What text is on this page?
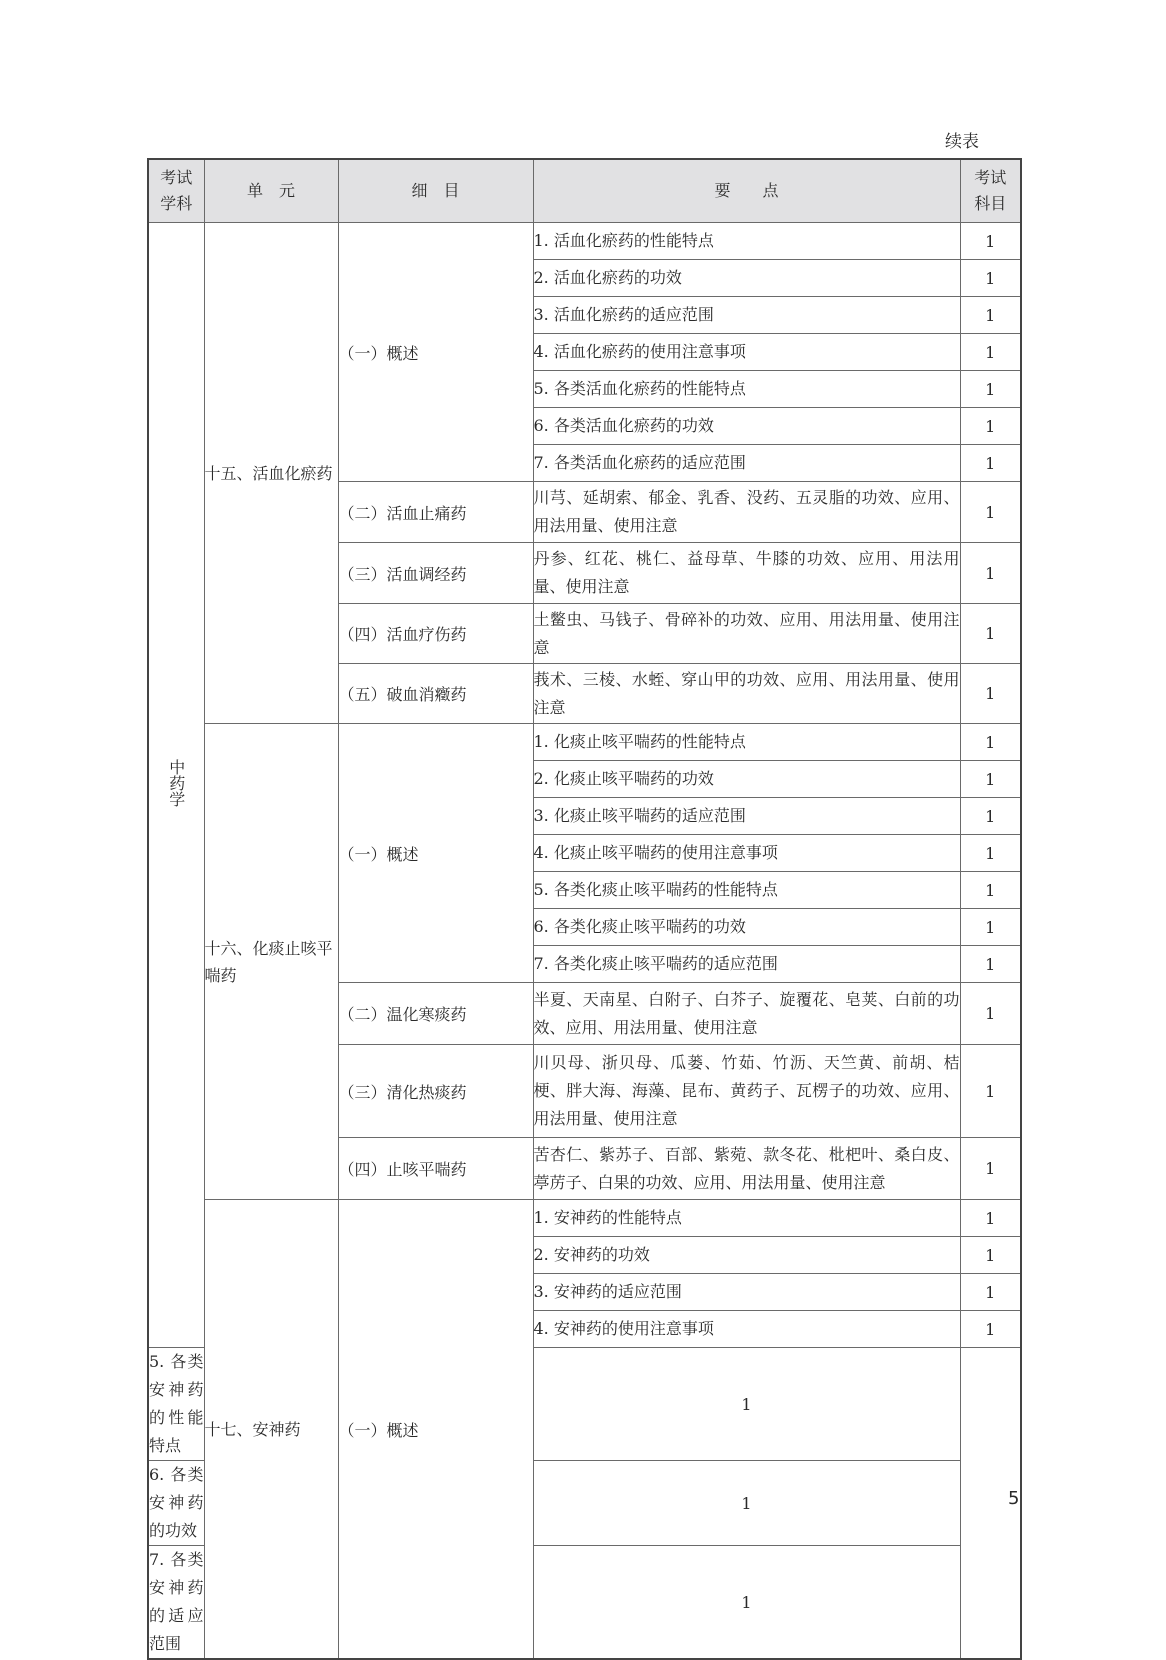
续表
考试学科	单　元	细　目	要　　点	考试科目
中药学	十五、活血化瘀药	（一）概述	1. 活血化瘀药的性能特点	1
			2. 活血化瘀药的功效	1
			3. 活血化瘀药的适应范围	1
			4. 活血化瘀药的使用注意事项	1
			5. 各类活血化瘀药的性能特点	1
			6. 各类活血化瘀药的功效	1
			7. 各类活血化瘀药的适应范围	1
		（二）活血止痛药	川芎、延胡索、郁金、乳香、没药、五灵脂的功效、应用、用法用量、使用注意	1
		（三）活血调经药	丹参、红花、桃仁、益母草、牛膝的功效、应用、用法用量、使用注意	1
		（四）活血疗伤药	土鳖虫、马钱子、骨碎补的功效、应用、用法用量、使用注意	1
		（五）破血消癥药	莪术、三棱、水蛭、穿山甲的功效、应用、用法用量、使用注意	1
	十六、化痰止咳平喘药	（一）概述	1. 化痰止咳平喘药的性能特点	1
			2. 化痰止咳平喘药的功效	1
			3. 化痰止咳平喘药的适应范围	1
			4. 化痰止咳平喘药的使用注意事项	1
			5. 各类化痰止咳平喘药的性能特点	1
			6. 各类化痰止咳平喘药的功效	1
			7. 各类化痰止咳平喘药的适应范围	1
		（二）温化寒痰药	半夏、天南星、白附子、白芥子、旋覆花、皂荚、白前的功效、应用、用法用量、使用注意	1
		（三）清化热痰药	川贝母、浙贝母、瓜蒌、竹茹、竹沥、天竺黄、前胡、桔梗、胖大海、海藻、昆布、黄药子、瓦楞子的功效、应用、用法用量、使用注意	1
		（四）止咳平喘药	苦杏仁、紫苏子、百部、紫菀、款冬花、枇杷叶、桑白皮、葶苈子、白果的功效、应用、用法用量、使用注意	1
	十七、安神药	（一）概述	1. 安神药的性能特点	1
			2. 安神药的功效	1
			3. 安神药的适应范围	1
			4. 安神药的使用注意事项	1
5. 各类安神药的性能特点			1	
6. 各类安神药的功效			1	
7. 各类安神药的适应范围			1	
5
